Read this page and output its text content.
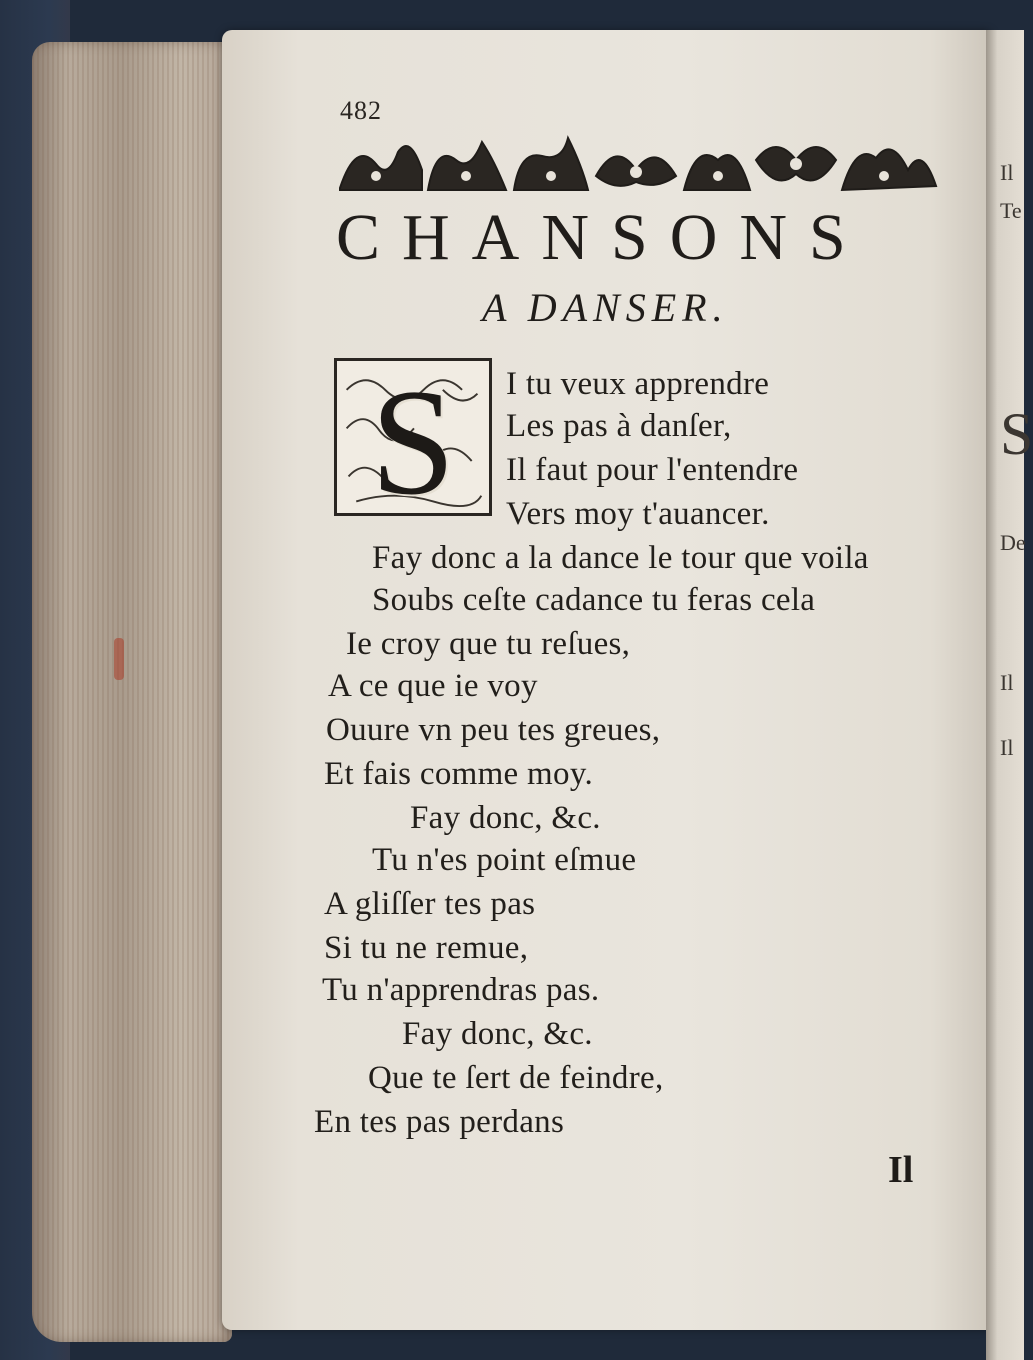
Il
Te
S
De
Il
Il
482
CHANSONS
A DANSER.
S	I tu veux apprendre
Les pas à danſer,
Il faut pour l'entendre
Vers moy t'auancer.
Fay donc a la dance le tour que voila
Soubs ceſte cadance tu feras cela
Ie croy que tu reſues,
A ce que ie voy
Ouure vn peu tes greues,
Et fais comme moy.
Fay donc, &c.
Tu n'es point eſmue
A gliſſer tes pas
Si tu ne remue,
Tu n'apprendras pas.
Fay donc, &c.
Que te ſert de feindre,
En tes pas perdans
Il
